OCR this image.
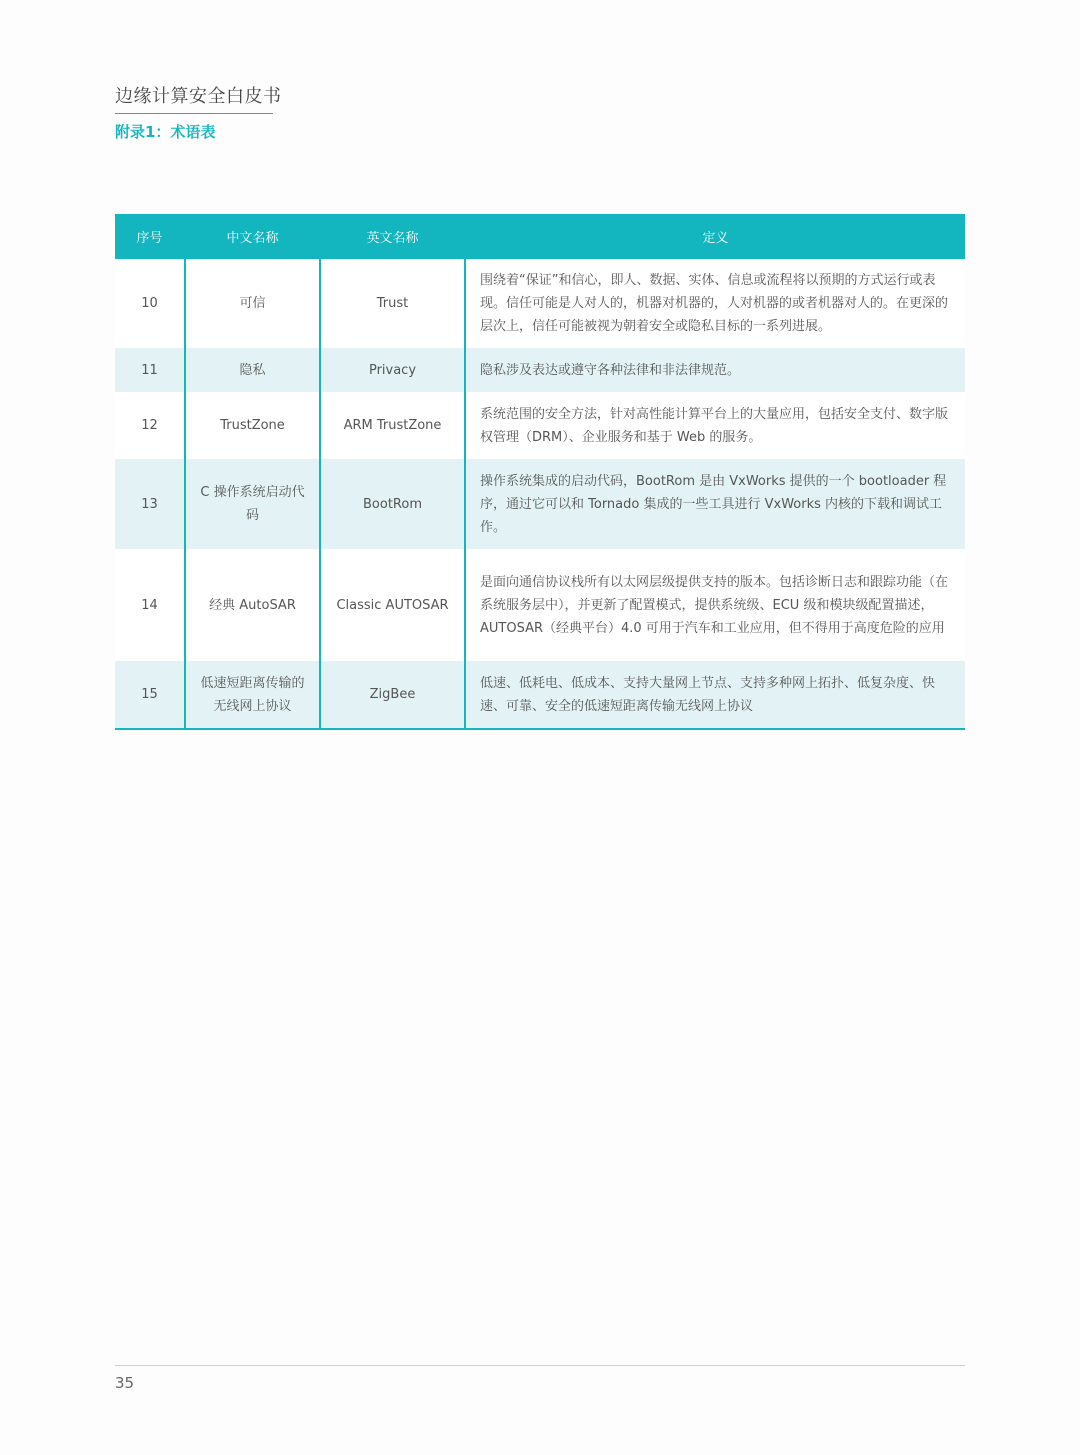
边缘计算安全白皮书
附录1：术语表
序号	中文名称	英文名称	定义
10	可信	Trust	围绕着“保证”和信心，即人、数据、实体、信息或流程将以预期的方式运行或表现。信任可能是人对人的，机器对机器的，人对机器的或者机器对人的。在更深的层次上，信任可能被视为朝着安全或隐私目标的一系列进展。
11	隐私	Privacy	隐私涉及表达或遵守各种法律和非法律规范。
12	TrustZone	ARM TrustZone	系统范围的安全方法，针对高性能计算平台上的大量应用，包括安全支付、数字版权管理（DRM）、企业服务和基于 Web 的服务。
13	C 操作系统启动代码	BootRom	操作系统集成的启动代码，BootRom 是由 VxWorks 提供的一个 bootloader 程序，通过它可以和 Tornado 集成的一些工具进行 VxWorks 内核的下载和调试工作。
14	经典 AutoSAR	Classic AUTOSAR	是面向通信协议栈所有以太网层级提供支持的版本。包括诊断日志和跟踪功能（在系统服务层中），并更新了配置模式，提供系统级、ECU 级和模块级配置描述，AUTOSAR（经典平台）4.0 可用于汽车和工业应用，但不得用于高度危险的应用
15	低速短距离传输的无线网上协议	ZigBee	低速、低耗电、低成本、支持大量网上节点、支持多种网上拓扑、低复杂度、快速、可靠、安全的低速短距离传输无线网上协议
35
